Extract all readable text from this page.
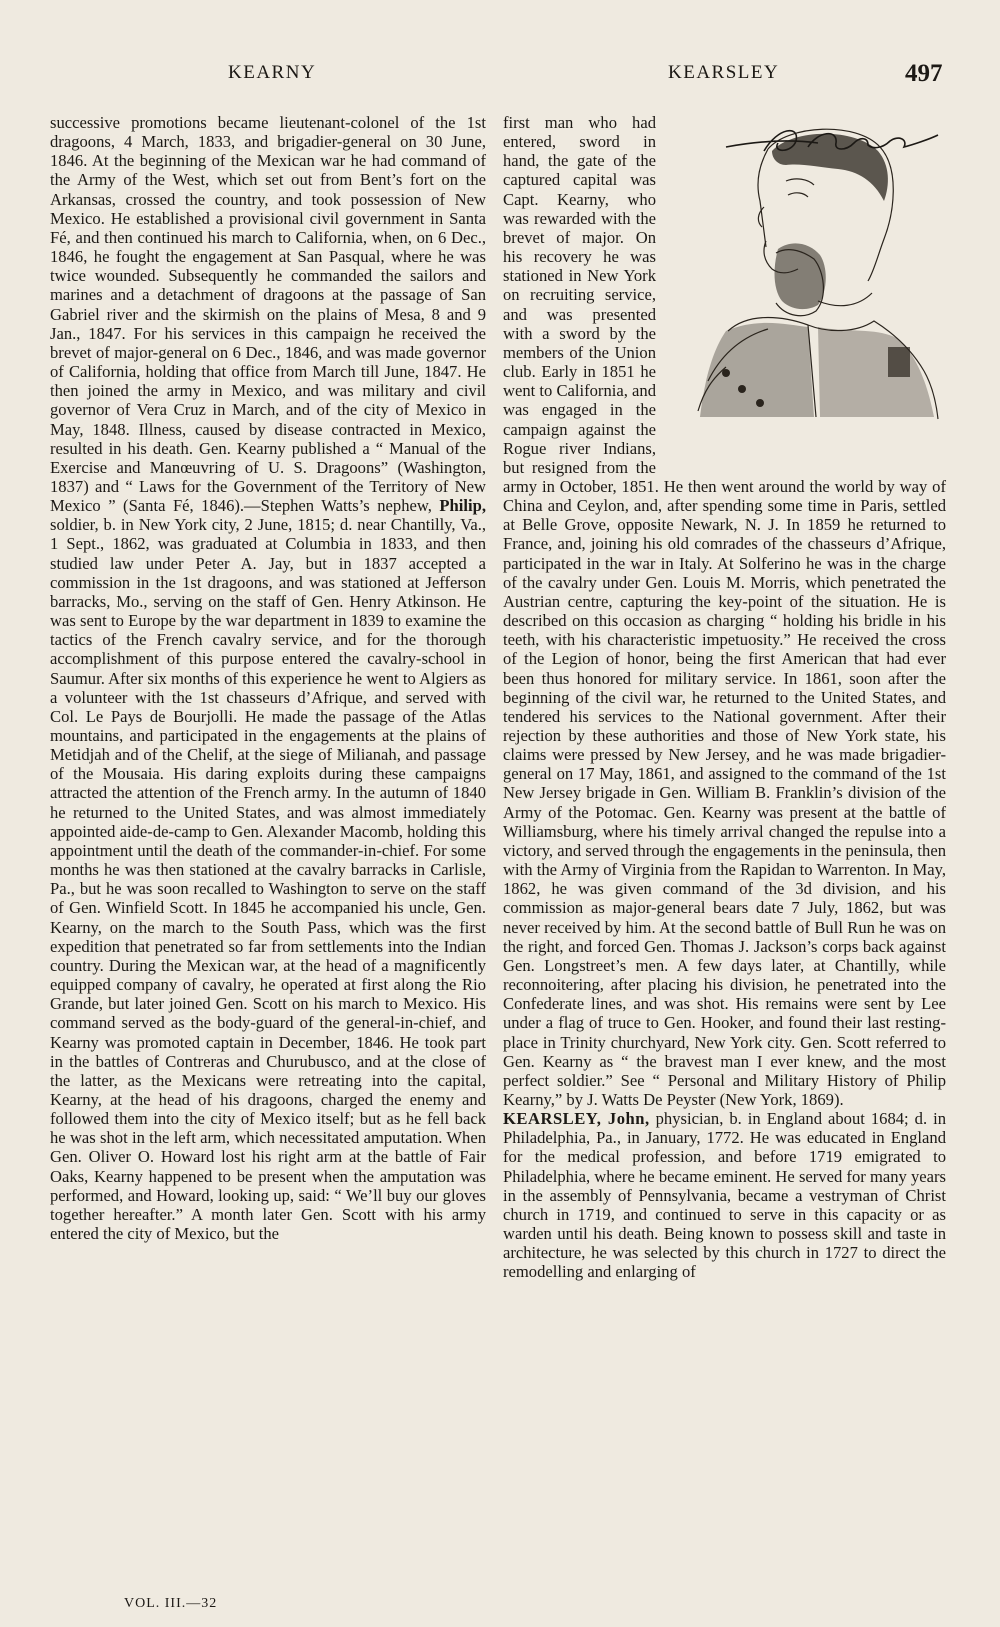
KEARNY	KEARSLEY	497

successive promotions became lieutenant-colonel of the 1st dragoons, 4 March, 1833, and brigadier-general on 30 June, 1846. At the beginning of the Mexican war he had command of the Army of the West, which set out from Bent’s fort on the Arkansas, crossed the country, and took possession of New Mexico. He established a provisional civil government in Santa Fé, and then continued his march to California, when, on 6 Dec., 1846, he fought the engagement at San Pasqual, where he was twice wounded. Subsequently he commanded the sailors and marines and a detachment of dragoons at the passage of San Gabriel river and the skirmish on the plains of Mesa, 8 and 9 Jan., 1847. For his services in this campaign he received the brevet of major-general on 6 Dec., 1846, and was made governor of California, holding that office from March till June, 1847. He then joined the army in Mexico, and was military and civil governor of Vera Cruz in March, and of the city of Mexico in May, 1848. Illness, caused by disease contracted in Mexico, resulted in his death. Gen. Kearny published a “ Manual of the Exercise and Manœuvring of U. S. Dragoons” (Washington, 1837) and “ Laws for the Government of the Territory of New Mexico ” (Santa Fé, 1846).—Stephen Watts’s nephew, Philip, soldier, b. in New York city, 2 June, 1815; d. near Chantilly, Va., 1 Sept., 1862, was graduated at Columbia in 1833, and then studied law under Peter A. Jay, but in 1837 accepted a commission in the 1st dragoons, and was stationed at Jefferson barracks, Mo., serving on the staff of Gen. Henry Atkinson. He was sent to Europe by the war department in 1839 to examine the tactics of the French cavalry service, and for the thorough accomplishment of this purpose entered the cavalry-school in Saumur. After six months of this experience he went to Algiers as a volunteer with the 1st chasseurs d’Afrique, and served with Col. Le Pays de Bourjolli. He made the passage of the Atlas mountains, and participated in the engagements at the plains of Metidjah and of the Chelif, at the siege of Milianah, and passage of the Mousaia. His daring exploits during these campaigns attracted the attention of the French army. In the autumn of 1840 he returned to the United States, and was almost immediately appointed aide-de-camp to Gen. Alexander Macomb, holding this appointment until the death of the commander-in-chief. For some months he was then stationed at the cavalry barracks in Carlisle, Pa., but he was soon recalled to Washington to serve on the staff of Gen. Winfield Scott. In 1845 he accompanied his uncle, Gen. Kearny, on the march to the South Pass, which was the first expedition that penetrated so far from settlements into the Indian country. During the Mexican war, at the head of a magnificently equipped company of cavalry, he operated at first along the Rio Grande, but later joined Gen. Scott on his march to Mexico. His command served as the body-guard of the general-in-chief, and Kearny was promoted captain in December, 1846. He took part in the battles of Contreras and Churubusco, and at the close of the latter, as the Mexicans were retreating into the capital, Kearny, at the head of his dragoons, charged the enemy and followed them into the city of Mexico itself; but as he fell back he was shot in the left arm, which necessitated amputation. When Gen. Oliver O. Howard lost his right arm at the battle of Fair Oaks, Kearny happened to be present when the amputation was performed, and Howard, looking up, said: “ We’ll buy our gloves together hereafter.” A month later Gen. Scott with his army entered the city of Mexico, but the

first man who had entered, sword in hand, the gate of the captured capital was Capt. Kearny, who was rewarded with the brevet of major. On his recovery he was stationed in New York on recruiting service, and was presented with a sword by the members of the Union club. Early in 1851 he went to California, and was engaged in the campaign against the Rogue river Indians, but resigned from the army in October, 1851. He then went around the world by way of China and Ceylon, and, after spending some time in Paris, settled at Belle Grove, opposite Newark, N. J. In 1859 he returned to France, and, joining his old comrades of the chasseurs d’Afrique, participated in the war in Italy. At Solferino he was in the charge of the cavalry under Gen. Louis M. Morris, which penetrated the Austrian centre, capturing the key-point of the situation. He is described on this occasion as charging “ holding his bridle in his teeth, with his characteristic impetuosity.” He received the cross of the Legion of honor, being the first American that had ever been thus honored for military service. In 1861, soon after the beginning of the civil war, he returned to the United States, and tendered his services to the National government. After their rejection by these authorities and those of New York state, his claims were pressed by New Jersey, and he was made brigadier-general on 17 May, 1861, and assigned to the command of the 1st New Jersey brigade in Gen. William B. Franklin’s division of the Army of the Potomac. Gen. Kearny was present at the battle of Williamsburg, where his timely arrival changed the repulse into a victory, and served through the engagements in the peninsula, then with the Army of Virginia from the Rapidan to Warrenton. In May, 1862, he was given command of the 3d division, and his commission as major-general bears date 7 July, 1862, but was never received by him. At the second battle of Bull Run he was on the right, and forced Gen. Thomas J. Jackson’s corps back against Gen. Longstreet’s men. A few days later, at Chantilly, while reconnoitering, after placing his division, he penetrated into the Confederate lines, and was shot. His remains were sent by Lee under a flag of truce to Gen. Hooker, and found their last resting-place in Trinity churchyard, New York city. Gen. Scott referred to Gen. Kearny as “ the bravest man I ever knew, and the most perfect soldier.” See “ Personal and Military History of Philip Kearny,” by J. Watts De Peyster (New York, 1869).

KEARSLEY, John, physician, b. in England about 1684; d. in Philadelphia, Pa., in January, 1772. He was educated in England for the medical profession, and before 1719 emigrated to Philadelphia, where he became eminent. He served for many years in the assembly of Pennsylvania, became a vestryman of Christ church in 1719, and continued to serve in this capacity or as warden until his death. Being known to possess skill and taste in architecture, he was selected by this church in 1727 to direct the remodelling and enlarging of

VOL. III.—32
